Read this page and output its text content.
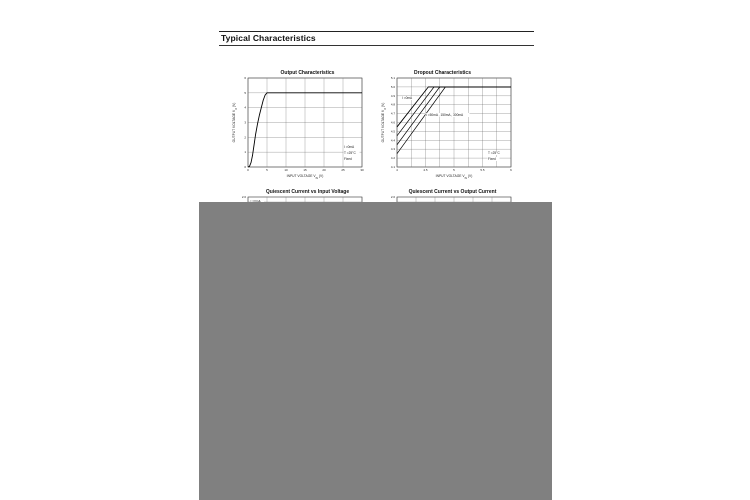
Typical Characteristics
Output Characteristics
0	5	10	15	20	25	30
0
1
2
3
4
5
6
INPUT VOLTAGE $V_{IN}$ (V)
OUTPUT VOLTAGE $V_O$ (V)
I =0mA
T =25°C
Fixed
Dropout Characteristics
4	4.5	5	5.5	6
4.1
4.2
4.3
4.4
4.5
4.6
4.7
4.8
4.9
5.0
5.1
INPUT VOLTAGE $V_{IN}$ (V)
OUTPUT VOLTAGE $V_O$ (V)
I =0mA
I =50mA , 150mA , 300mA
T =25°C
Fixed
Quiescent Current vs Input Voltage
2.0
Quiescent Current vs Output Current
2.0
